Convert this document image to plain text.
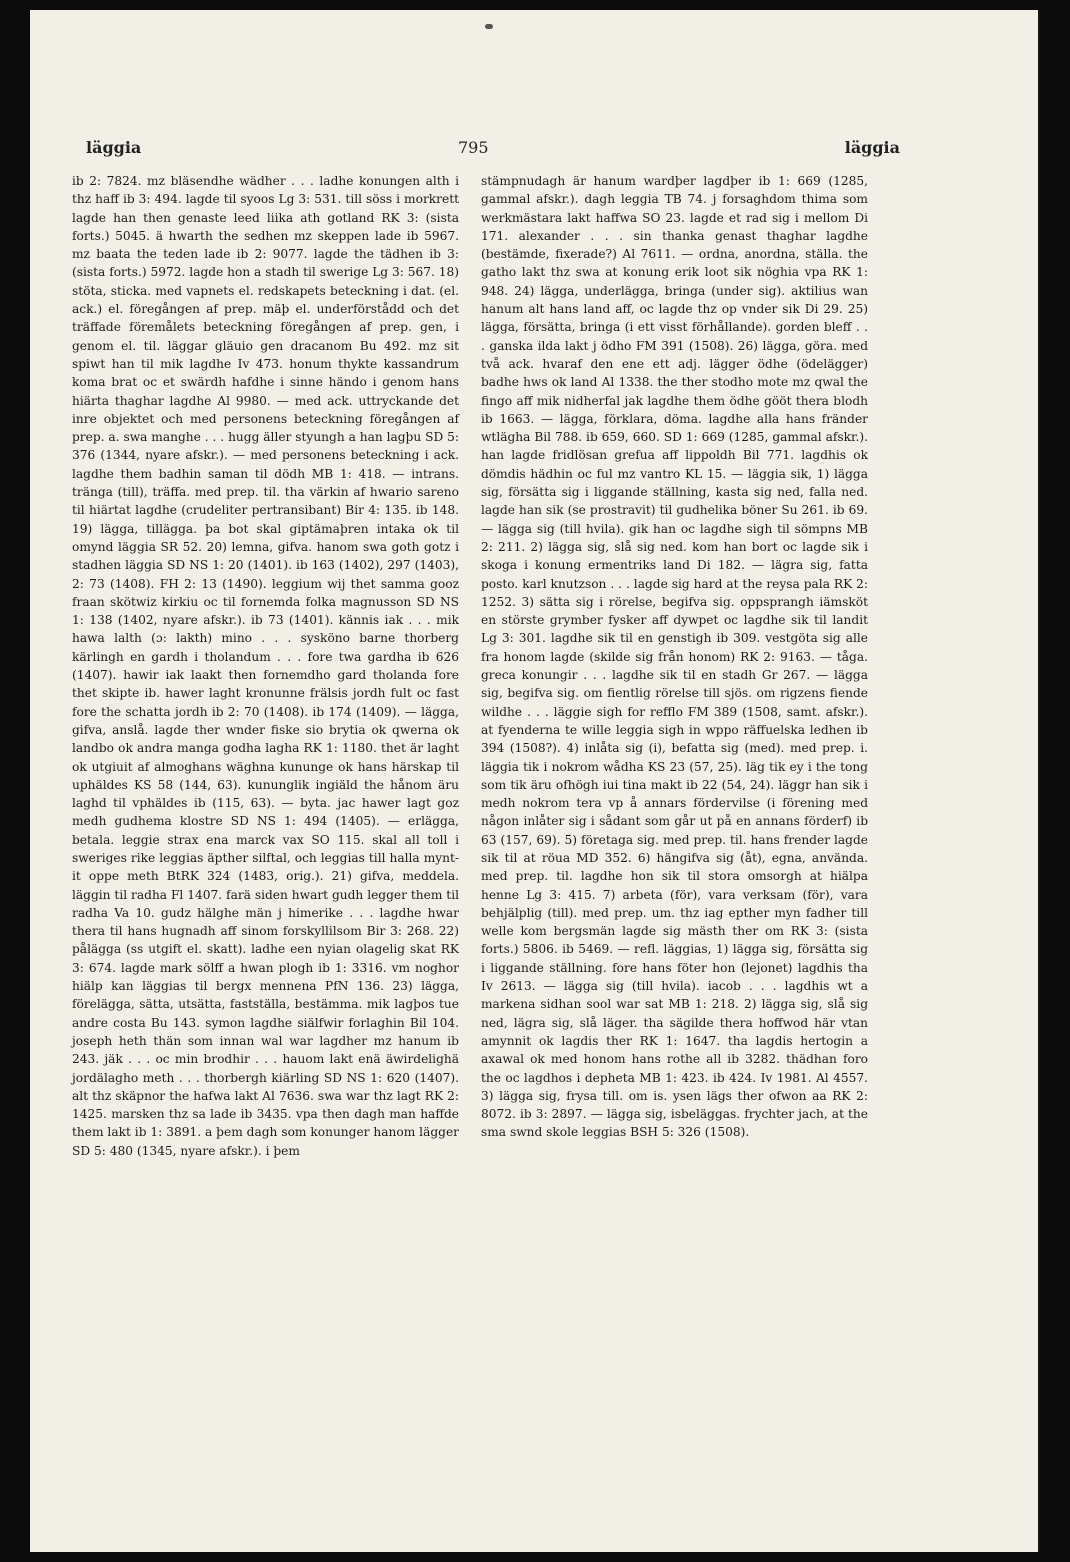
läggia	795	läggia

ib 2: 7824. mz bläsendhe wädher . . . ladhe konungen alth i thz haff ib 3: 494. lagde til syoos Lg 3: 531. till söss i morkrett lagde han then genaste leed liika ath gotland RK 3: (sista forts.) 5045. ä hwarth the sedhen mz skeppen lade ib 5967. mz baata the teden lade ib 2: 9077. lagde the tädhen ib 3: (sista forts.) 5972. lagde hon a stadh til swerige Lg 3: 567. 18) stöta, sticka. med vapnets el. redskapets beteckning i dat. (el. ack.) el. föregången af prep. mäþ el. underförstådd och det träffade föremålets beteckning föregången af prep. gen, i genom el. til. läggar gläuio gen dracanom Bu 492. mz sit spiwt han til mik lagdhe Iv 473. honum thykte kassandrum koma brat oc et swärdh hafdhe i sinne händo i genom hans hiärta thaghar lagdhe Al 9980. — med ack. uttryckande det inre objektet och med personens beteckning föregången af prep. a. swa manghe . . . hugg äller styungh a han lagþu SD 5: 376 (1344, nyare afskr.). — med personens beteckning i ack. lagdhe them badhin saman til dödh MB 1: 418. — intrans. tränga (till), träffa. med prep. til. tha värkin af hwario sareno til hiärtat lagdhe (crudeliter pertransibant) Bir 4: 135. ib 148. 19) lägga, tillägga. þa bot skal giptämaþren intaka ok til omynd läggia SR 52. 20) lemna, gifva. hanom swa goth gotz i stadhen läggia SD NS 1: 20 (1401). ib 163 (1402), 297 (1403), 2: 73 (1408). FH 2: 13 (1490). leggium wij thet samma gooz fraan skötwiz kirkiu oc til fornemda folka magnusson SD NS 1: 138 (1402, nyare afskr.). ib 73 (1401). kännis iak . . . mik hawa lalth (ɔ: lakth) mino . . . sysköno barne thorberg kärlingh en gardh i tholandum . . . fore twa gardha ib 626 (1407). hawir iak laakt then fornemdho gard tholanda fore thet skipte ib. hawer laght kronunne frälsis jordh fult oc fast fore the schatta jordh ib 2: 70 (1408). ib 174 (1409). — lägga, gifva, anslå. lagde ther wnder fiske sio brytia ok qwerna ok landbo ok andra manga godha lagha RK 1: 1180. thet är laght ok utgiuit af almoghans wäghna kununge ok hans härskap til uphäldes KS 58 (144, 63). kununglik ingiäld the hånom äru laghd til vphäldes ib (115, 63). — byta. jac hawer lagt goz medh gudhema klostre SD NS 1: 494 (1405). — erlägga, betala. leggie strax ena marck vax SO 115. skal all toll i sweriges rike leggias äpther silftal, och leggias till halla mynt-it oppe meth BtRK 324 (1483, orig.). 21) gifva, meddela. läggin til radha Fl 1407. farä siden hwart gudh legger them til radha Va 10. gudz hälghe män j himerike . . . lagdhe hwar thera til hans hugnadh aff sinom forskyllilsom Bir 3: 268. 22) pålägga (ss utgift el. skatt). ladhe een nyian olagelig skat RK 3: 674. lagde mark sölff a hwan plogh ib 1: 3316. vm noghor hiälp kan läggias til bergx mennena PfN 136. 23) lägga, förelägga, sätta, utsätta, fastställa, bestämma. mik lagþos tue andre costa Bu 143. symon lagdhe siälfwir forlaghin Bil 104. joseph heth thän som innan wal war lagdher mz hanum ib 243. jäk . . . oc min brodhir . . . hauom lakt enä äwirdelighä jordälagho meth . . . thorbergh kiärling SD NS 1: 620 (1407). alt thz skäpnor the hafwa lakt Al 7636. swa war thz lagt RK 2: 1425. marsken thz sa lade ib 3435. vpa then dagh man haffde them lakt ib 1: 3891. a þem dagh som konunger hanom lägger SD 5: 480 (1345, nyare afskr.). i þem

stämpnudagh är hanum wardþer lagdþer ib 1: 669 (1285, gammal afskr.). dagh leggia TB 74. j forsaghdom thima som werkmästara lakt haffwa SO 23. lagde et rad sig i mellom Di 171. alexander . . . sin thanka genast thaghar lagdhe (bestämde, fixerade?) Al 7611. — ordna, anordna, ställa. the gatho lakt thz swa at konung erik loot sik nöghia vpa RK 1: 948. 24) lägga, underlägga, bringa (under sig). aktilius wan hanum alt hans land aff, oc lagde thz op vnder sik Di 29. 25) lägga, försätta, bringa (i ett visst förhållande). gorden bleff . . . ganska ilda lakt j ödho FM 391 (1508). 26) lägga, göra. med två ack. hvaraf den ene ett adj. lägger ödhe (ödelägger) badhe hws ok land Al 1338. the ther stodho mote mz qwal the fingo aff mik nidherfal jak lagdhe them ödhe gööt thera blodh ib 1663. — lägga, förklara, döma. lagdhe alla hans fränder wtlägha Bil 788. ib 659, 660. SD 1: 669 (1285, gammal afskr.). han lagde fridlösan grefua aff lippoldh Bil 771. lagdhis ok dömdis hädhin oc ful mz vantro KL 15. — läggia sik, 1) lägga sig, försätta sig i liggande ställning, kasta sig ned, falla ned. lagde han sik (se prostravit) til gudhelika böner Su 261. ib 69. — lägga sig (till hvila). gik han oc lagdhe sigh til sömpns MB 2: 211. 2) lägga sig, slå sig ned. kom han bort oc lagde sik i skoga i konung ermentriks land Di 182. — lägra sig, fatta posto. karl knutzson . . . lagde sig hard at the reysa pala RK 2: 1252. 3) sätta sig i rörelse, begifva sig. oppsprangh iämsköt en störste grymber fysker aff dywpet oc lagdhe sik til landit Lg 3: 301. lagdhe sik til en genstigh ib 309. vestgöta sig alle fra honom lagde (skilde sig från honom) RK 2: 9163. — tåga. greca konungir . . . lagdhe sik til en stadh Gr 267. — lägga sig, begifva sig. om fientlig rörelse till sjös. om rigzens fiende wildhe . . . läggie sigh for refflo FM 389 (1508, samt. afskr.). at fyenderna te wille leggia sigh in wppo räffuelska ledhen ib 394 (1508?). 4) inlåta sig (i), befatta sig (med). med prep. i. läggia tik i nokrom wådha KS 23 (57, 25). läg tik ey i the tong som tik äru ofhögh iui tina makt ib 22 (54, 24). läggr han sik i medh nokrom tera vp å annars fördervilse (i förening med någon inlåter sig i sådant som går ut på en annans förderf) ib 63 (157, 69). 5) företaga sig. med prep. til. hans frender lagde sik til at röua MD 352. 6) hängifva sig (åt), egna, använda. med prep. til. lagdhe hon sik til stora omsorgh at hiälpa henne Lg 3: 415. 7) arbeta (för), vara verksam (för), vara behjälplig (till). med prep. um. thz iag epther myn fadher till welle kom bergsmän lagde sig mästh ther om RK 3: (sista forts.) 5806. ib 5469. — refl. läggias, 1) lägga sig, försätta sig i liggande ställning. fore hans föter hon (lejonet) lagdhis tha Iv 2613. — lägga sig (till hvila). iacob . . . lagdhis wt a markena sidhan sool war sat MB 1: 218. 2) lägga sig, slå sig ned, lägra sig, slå läger. tha sägilde thera hoffwod här vtan amynnit ok lagdis ther RK 1: 1647. tha lagdis hertogin a axawal ok med honom hans rothe all ib 3282. thädhan foro the oc lagdhos i depheta MB 1: 423. ib 424. Iv 1981. Al 4557. 3) lägga sig, frysa till. om is. ysen lägs ther ofwon aa RK 2: 8072. ib 3: 2897. — lägga sig, isbeläggas. frychter jach, at the sma swnd skole leggias BSH 5: 326 (1508).
